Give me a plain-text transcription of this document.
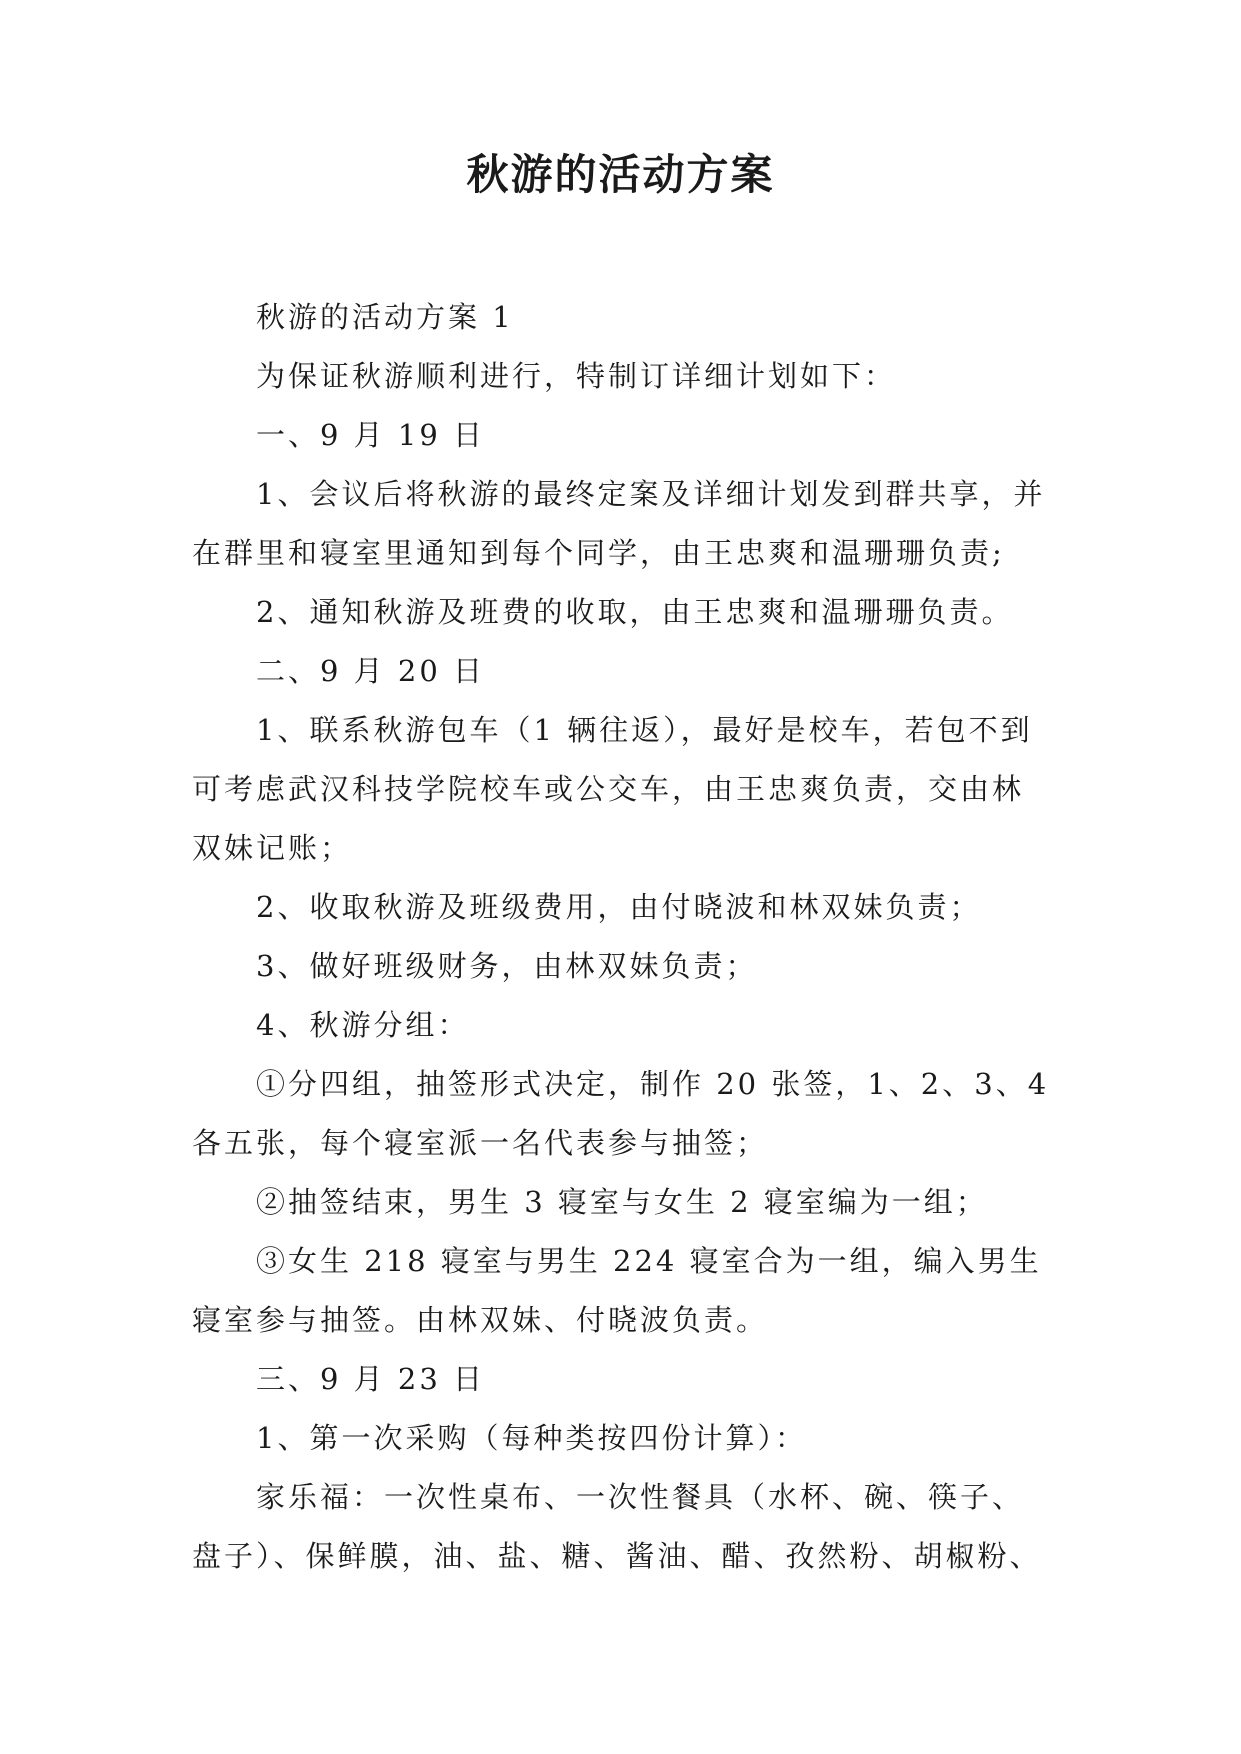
秋游的活动方案

秋游的活动方案 1

为保证秋游顺利进行，特制订详细计划如下：

一、9 月 19 日

1、会议后将秋游的最终定案及详细计划发到群共享，并在群里和寝室里通知到每个同学，由王忠爽和温珊珊负责;

2、通知秋游及班费的收取，由王忠爽和温珊珊负责。

二、9 月 20 日

1、联系秋游包车（1 辆往返），最好是校车，若包不到可考虑武汉科技学院校车或公交车，由王忠爽负责，交由林双妹记账；

2、收取秋游及班级费用，由付晓波和林双妹负责；

3、做好班级财务，由林双妹负责；

4、秋游分组：

①分四组，抽签形式决定，制作 20 张签，1、2、3、4 各五张，每个寝室派一名代表参与抽签；

②抽签结束，男生 3 寝室与女生 2 寝室编为一组；

③女生 218 寝室与男生 224 寝室合为一组，编入男生寝室参与抽签。由林双妹、付晓波负责。

三、9 月 23 日

1、第一次采购（每种类按四份计算）：

家乐福：一次性桌布、一次性餐具（水杯、碗、筷子、盘子）、保鲜膜，油、盐、糖、酱油、醋、孜然粉、胡椒粉、
